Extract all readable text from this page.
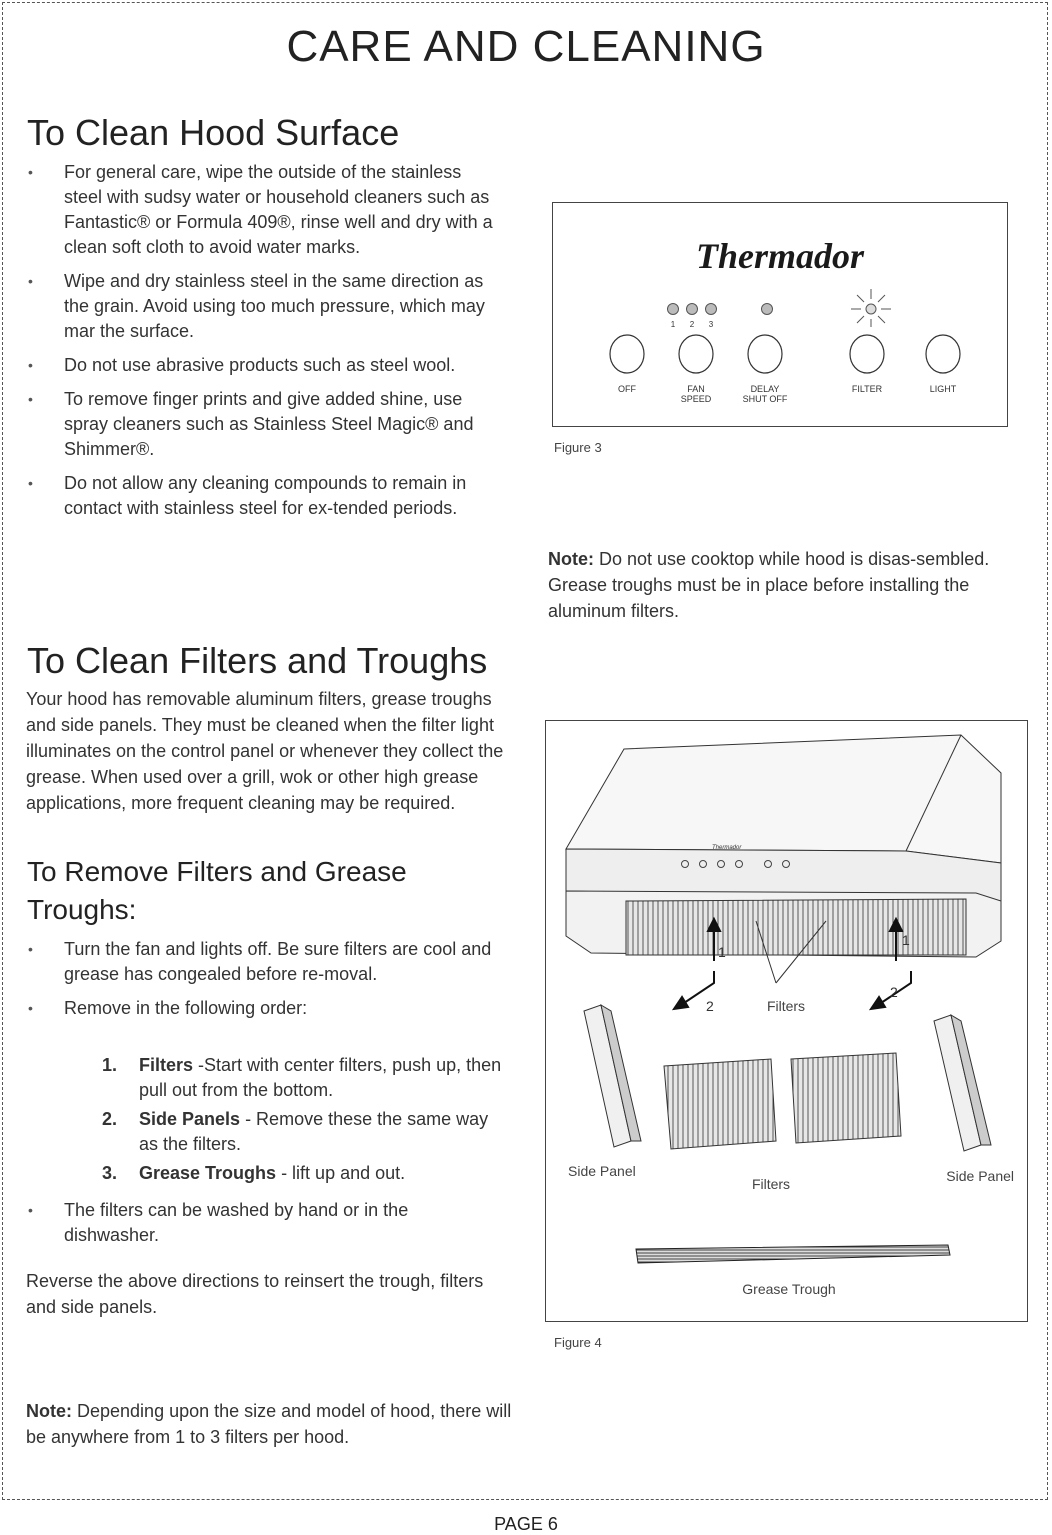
CARE AND CLEANING
To Clean Hood Surface
• For general care, wipe the outside of the stainless steel with sudsy water or household cleaners such as Fantastic® or Formula 409®, rinse well and dry with a clean soft cloth to avoid water marks.
• Wipe and dry stainless steel in the same direction as the grain. Avoid using too much pressure, which may mar the surface.
• Do not use abrasive products such as steel wool.
• To remove finger prints and give added shine, use spray cleaners such as Stainless Steel Magic® and Shimmer®.
• Do not allow any cleaning compounds to remain in contact with stainless steel for ex-tended periods.
Thermador
1 2 3
OFF	FAN
SPEED
DELAY
SHUT OFF
FILTER	LIGHT
Figure 3
Note: Do not use cooktop while hood is disas-sembled. Grease troughs must be in place before installing the aluminum filters.
To Clean Filters and Troughs
Your hood has removable aluminum filters, grease troughs and side panels. They must be cleaned when the filter light illuminates on the control panel or whenever they collect the grease. When used over a grill, wok or other high grease applications, more frequent cleaning may be required.
To Remove Filters and Grease
Troughs:
• Turn the fan and lights off. Be sure filters are cool and grease has congealed before re-moval.
• Remove in the following order:
1. Filters -Start with center filters, push up, then pull out from the bottom.
2. Side Panels - Remove these the same way as the filters.
3. Grease Troughs - lift up and out.
• The filters can be washed by hand or in the dishwasher.
Reverse the above directions to reinsert the trough, filters and side panels.
Thermador
1
1
2
2
Filters
Side Panel
Filters	Side Panel
Grease Trough
Figure 4
Note: Depending upon the size and model of hood, there will be anywhere from 1 to 3 filters per hood.
PAGE 6
